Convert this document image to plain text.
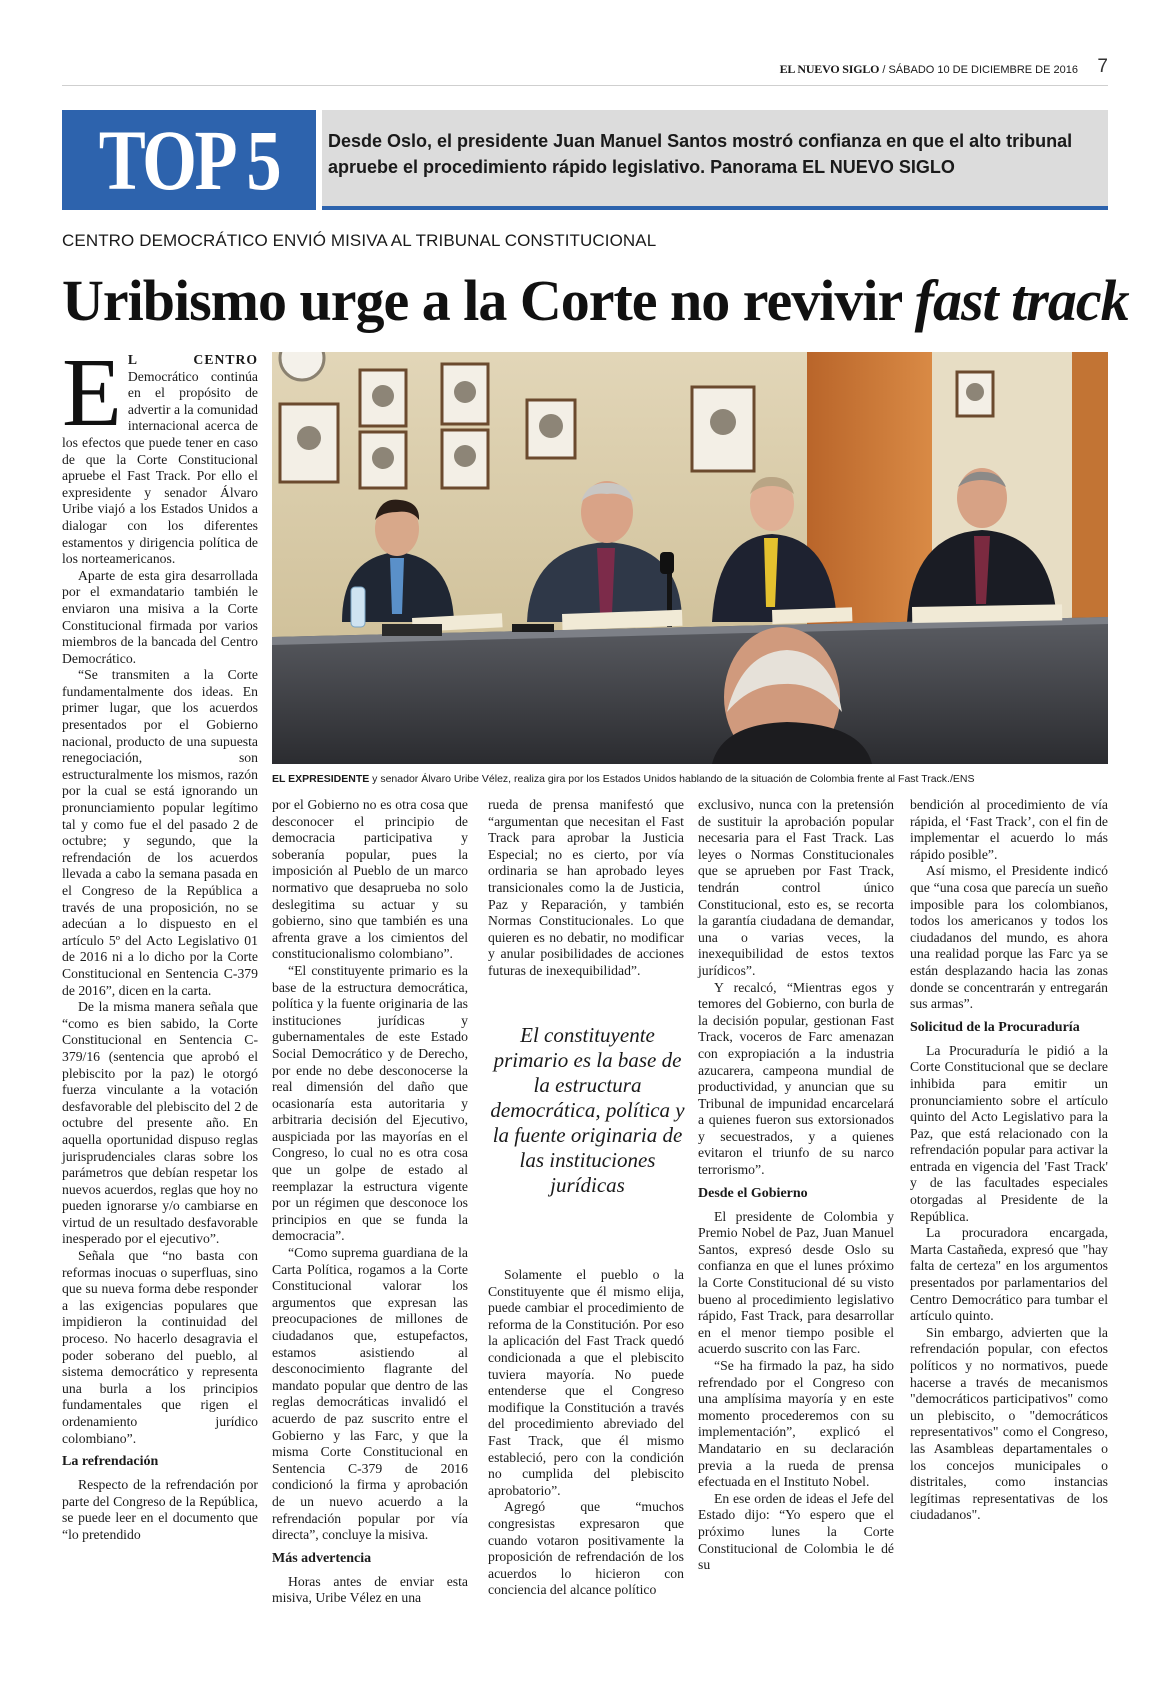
EL NUEVO SIGLO / SÁBADO 10 DE DICIEMBRE DE 2016 7
TOP 5	Desde Oslo, el presidente Juan Manuel Santos mostró confianza en que el alto tribunal apruebe el procedimiento rápido legislativo. Panorama EL NUEVO SIGLO
CENTRO DEMOCRÁTICO ENVIÓ MISIVA AL TRIBUNAL CONSTITUCIONAL
Uribismo urge a la Corte no revivir fast track
EL EXPRESIDENTE y senador Álvaro Uribe Vélez, realiza gira por los Estados Unidos hablando de la situación de Colombia frente al Fast Track./ENS

E L CENTRO Democrático continúa en el propósito de advertir a la comunidad internacional acerca de los efectos que puede tener en caso de que la Corte Constitucional apruebe el Fast Track. Por ello el expresidente y senador Álvaro Uribe viajó a los Estados Unidos a dialogar con los diferentes estamentos y dirigencia política de los norteamericanos.

Aparte de esta gira desarrollada por el exmandatario también le enviaron una misiva a la Corte Constitucional firmada por varios miembros de la bancada del Centro Democrático.

“Se transmiten a la Corte fundamentalmente dos ideas. En primer lugar, que los acuerdos presentados por el Gobierno nacional, producto de una supuesta renegociación, son estructuralmente los mismos, razón por la cual se está ignorando un pronunciamiento popular legítimo tal y como fue el del pasado 2 de octubre; y segundo, que la refrendación de los acuerdos llevada a cabo la semana pasada en el Congreso de la República a través de una proposición, no se adecúan a lo dispuesto en el artículo 5º del Acto Legislativo 01 de 2016 ni a lo dicho por la Corte Constitucional en Sentencia C-379 de 2016”, dicen en la carta.

De la misma manera señala que “como es bien sabido, la Corte Constitucional en Sentencia C-379/16 (sentencia que aprobó el plebiscito por la paz) le otorgó fuerza vinculante a la votación desfavorable del plebiscito del 2 de octubre del presente año. En aquella oportunidad dispuso reglas jurisprudenciales claras sobre los parámetros que debían respetar los nuevos acuerdos, reglas que hoy no pueden ignorarse y/o cambiarse en virtud de un resultado desfavorable inesperado por el ejecutivo”.

Señala que “no basta con reformas inocuas o superfluas, sino que su nueva forma debe responder a las exigencias populares que impidieron la continuidad del proceso. No hacerlo desagravia el poder soberano del pueblo, al sistema democrático y representa una burla a los principios fundamentales que rigen el ordenamiento jurídico colombiano”.

La refrendación

Respecto de la refrendación por parte del Congreso de la República, se puede leer en el documento que “lo pretendido

por el Gobierno no es otra cosa que desconocer el principio de democracia participativa y soberanía popular, pues la imposición al Pueblo de un marco normativo que desaprueba no solo deslegitima su actuar y su gobierno, sino que también es una afrenta grave a los cimientos del constitucionalismo colombiano”.

“El constituyente primario es la base de la estructura democrática, política y la fuente originaria de las instituciones jurídicas y gubernamentales de este Estado Social Democrático y de Derecho, por ende no debe desconocerse la real dimensión del daño que ocasionaría esta autoritaria y arbitraria decisión del Ejecutivo, auspiciada por las mayorías en el Congreso, lo cual no es otra cosa que un golpe de estado al reemplazar la estructura vigente por un régimen que desconoce los principios en que se funda la democracia”.

“Como suprema guardiana de la Carta Política, rogamos a la Corte Constitucional valorar los argumentos que expresan las preocupaciones de millones de ciudadanos que, estupefactos, estamos asistiendo al desconocimiento flagrante del mandato popular que dentro de las reglas democráticas invalidó el acuerdo de paz suscrito entre el Gobierno y las Farc, y que la misma Corte Constitucional en Sentencia C-379 de 2016 condicionó la firma y aprobación de un nuevo acuerdo a la refrendación popular por vía directa”, concluye la misiva.

Más advertencia

Horas antes de enviar esta misiva, Uribe Vélez en una

rueda de prensa manifestó que “argumentan que necesitan el Fast Track para aprobar la Justicia Especial; no es cierto, por vía ordinaria se han aprobado leyes transicionales como la de Justicia, Paz y Reparación, y también Normas Constitucionales. Lo que quieren es no debatir, no modificar y anular posibilidades de acciones futuras de inexequibilidad”.

El constituyente primario es la base de la estructura democrática, política y la fuente originaria de las instituciones jurídicas

Solamente el pueblo o la Constituyente que él mismo elija, puede cambiar el procedimiento de reforma de la Constitución. Por eso la aplicación del Fast Track quedó condicionada a que el plebiscito tuviera mayoría. No puede entenderse que el Congreso modifique la Constitución a través del procedimiento abreviado del Fast Track, que él mismo estableció, pero con la condición no cumplida del plebiscito aprobatorio”.

Agregó que “muchos congresistas expresaron que cuando votaron positivamente la proposición de refrendación de los acuerdos lo hicieron con conciencia del alcance político

exclusivo, nunca con la pretensión de sustituir la aprobación popular necesaria para el Fast Track. Las leyes o Normas Constitucionales que se aprueben por Fast Track, tendrán control único Constitucional, esto es, se recorta la garantía ciudadana de demandar, una o varias veces, la inexequibilidad de estos textos jurídicos”.

Y recalcó, “Mientras egos y temores del Gobierno, con burla de la decisión popular, gestionan Fast Track, voceros de Farc amenazan con expropiación a la industria azucarera, campeona mundial de productividad, y anuncian que su Tribunal de impunidad encarcelará a quienes fueron sus extorsionados y secuestrados, y a quienes evitaron el triunfo de su narco terrorismo”.

Desde el Gobierno

El presidente de Colombia y Premio Nobel de Paz, Juan Manuel Santos, expresó desde Oslo su confianza en que el lunes próximo la Corte Constitucional dé su visto bueno al procedimiento legislativo rápido, Fast Track, para desarrollar en el menor tiempo posible el acuerdo suscrito con las Farc.

“Se ha firmado la paz, ha sido refrendado por el Congreso con una amplísima mayoría y en este momento procederemos con su implementación”, explicó el Mandatario en su declaración previa a la rueda de prensa efectuada en el Instituto Nobel.

En ese orden de ideas el Jefe del Estado dijo: “Yo espero que el próximo lunes la Corte Constitucional de Colombia le dé su

bendición al procedimiento de vía rápida, el ‘Fast Track’, con el fin de implementar el acuerdo lo más rápido posible”.

Así mismo, el Presidente indicó que “una cosa que parecía un sueño imposible para los colombianos, todos los americanos y todos los ciudadanos del mundo, es ahora una realidad porque las Farc ya se están desplazando hacia las zonas donde se concentrarán y entregarán sus armas”.

Solicitud de la Procuraduría

La Procuraduría le pidió a la Corte Constitucional que se declare inhibida para emitir un pronunciamiento sobre el artículo quinto del Acto Legislativo para la Paz, que está relacionado con la refrendación popular para activar la entrada en vigencia del 'Fast Track' y de las facultades especiales otorgadas al Presidente de la República.

La procuradora encargada, Marta Castañeda, expresó que "hay falta de certeza" en los argumentos presentados por parlamentarios del Centro Democrático para tumbar el artículo quinto.

Sin embargo, advierten que la refrendación popular, con efectos políticos y no normativos, puede hacerse a través de mecanismos "democráticos participativos" como un plebiscito, o "democráticos representativos" como el Congreso, las Asambleas departamentales o los concejos municipales o distritales, como instancias legítimas representativas de los ciudadanos".
